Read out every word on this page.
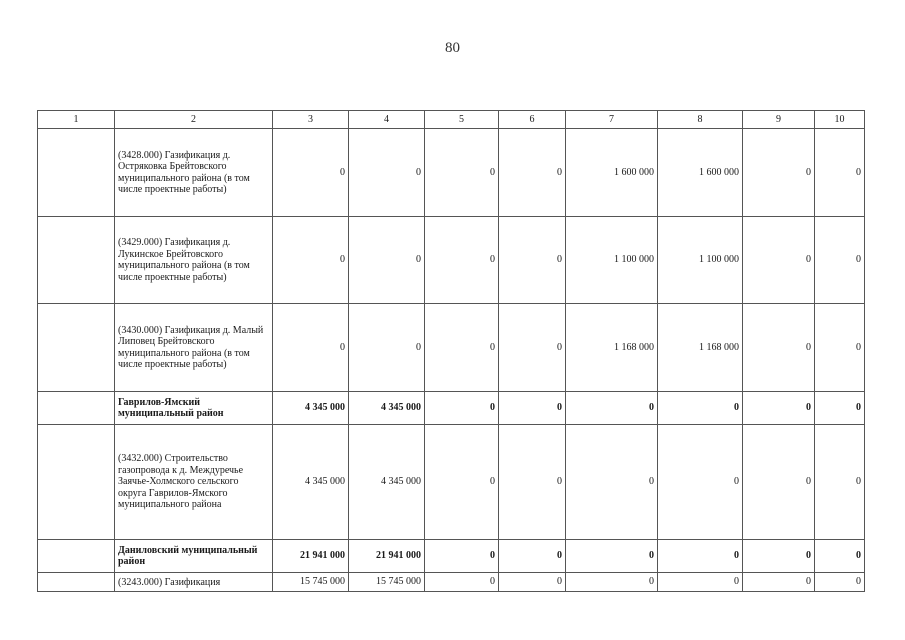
80
1	2	3	4	5	6	7	8	9	10
	(3428.000) Газификация д. Остряковка Брейтовского муниципального района (в том числе проектные работы)	0	0	0	0	1 600 000	1 600 000	0	0
	(3429.000) Газификация д. Лукинское Брейтовского муниципального района (в том числе проектные работы)	0	0	0	0	1 100 000	1 100 000	0	0
	(3430.000) Газификация д. Малый Липовец Брейтовского муниципального района (в том числе проектные работы)	0	0	0	0	1 168 000	1 168 000	0	0
	Гаврилов-Ямский муниципальный район	4 345 000	4 345 000	0	0	0	0	0	0
	(3432.000) Строительство газопровода к д. Междуречье Заячье-Холмского сельского округа Гаврилов-Ямского муниципального района	4 345 000	4 345 000	0	0	0	0	0	0
	Даниловский муниципальный район	21 941 000	21 941 000	0	0	0	0	0	0
	(3243.000) Газификация	15 745 000	15 745 000	0	0	0	0	0	0
